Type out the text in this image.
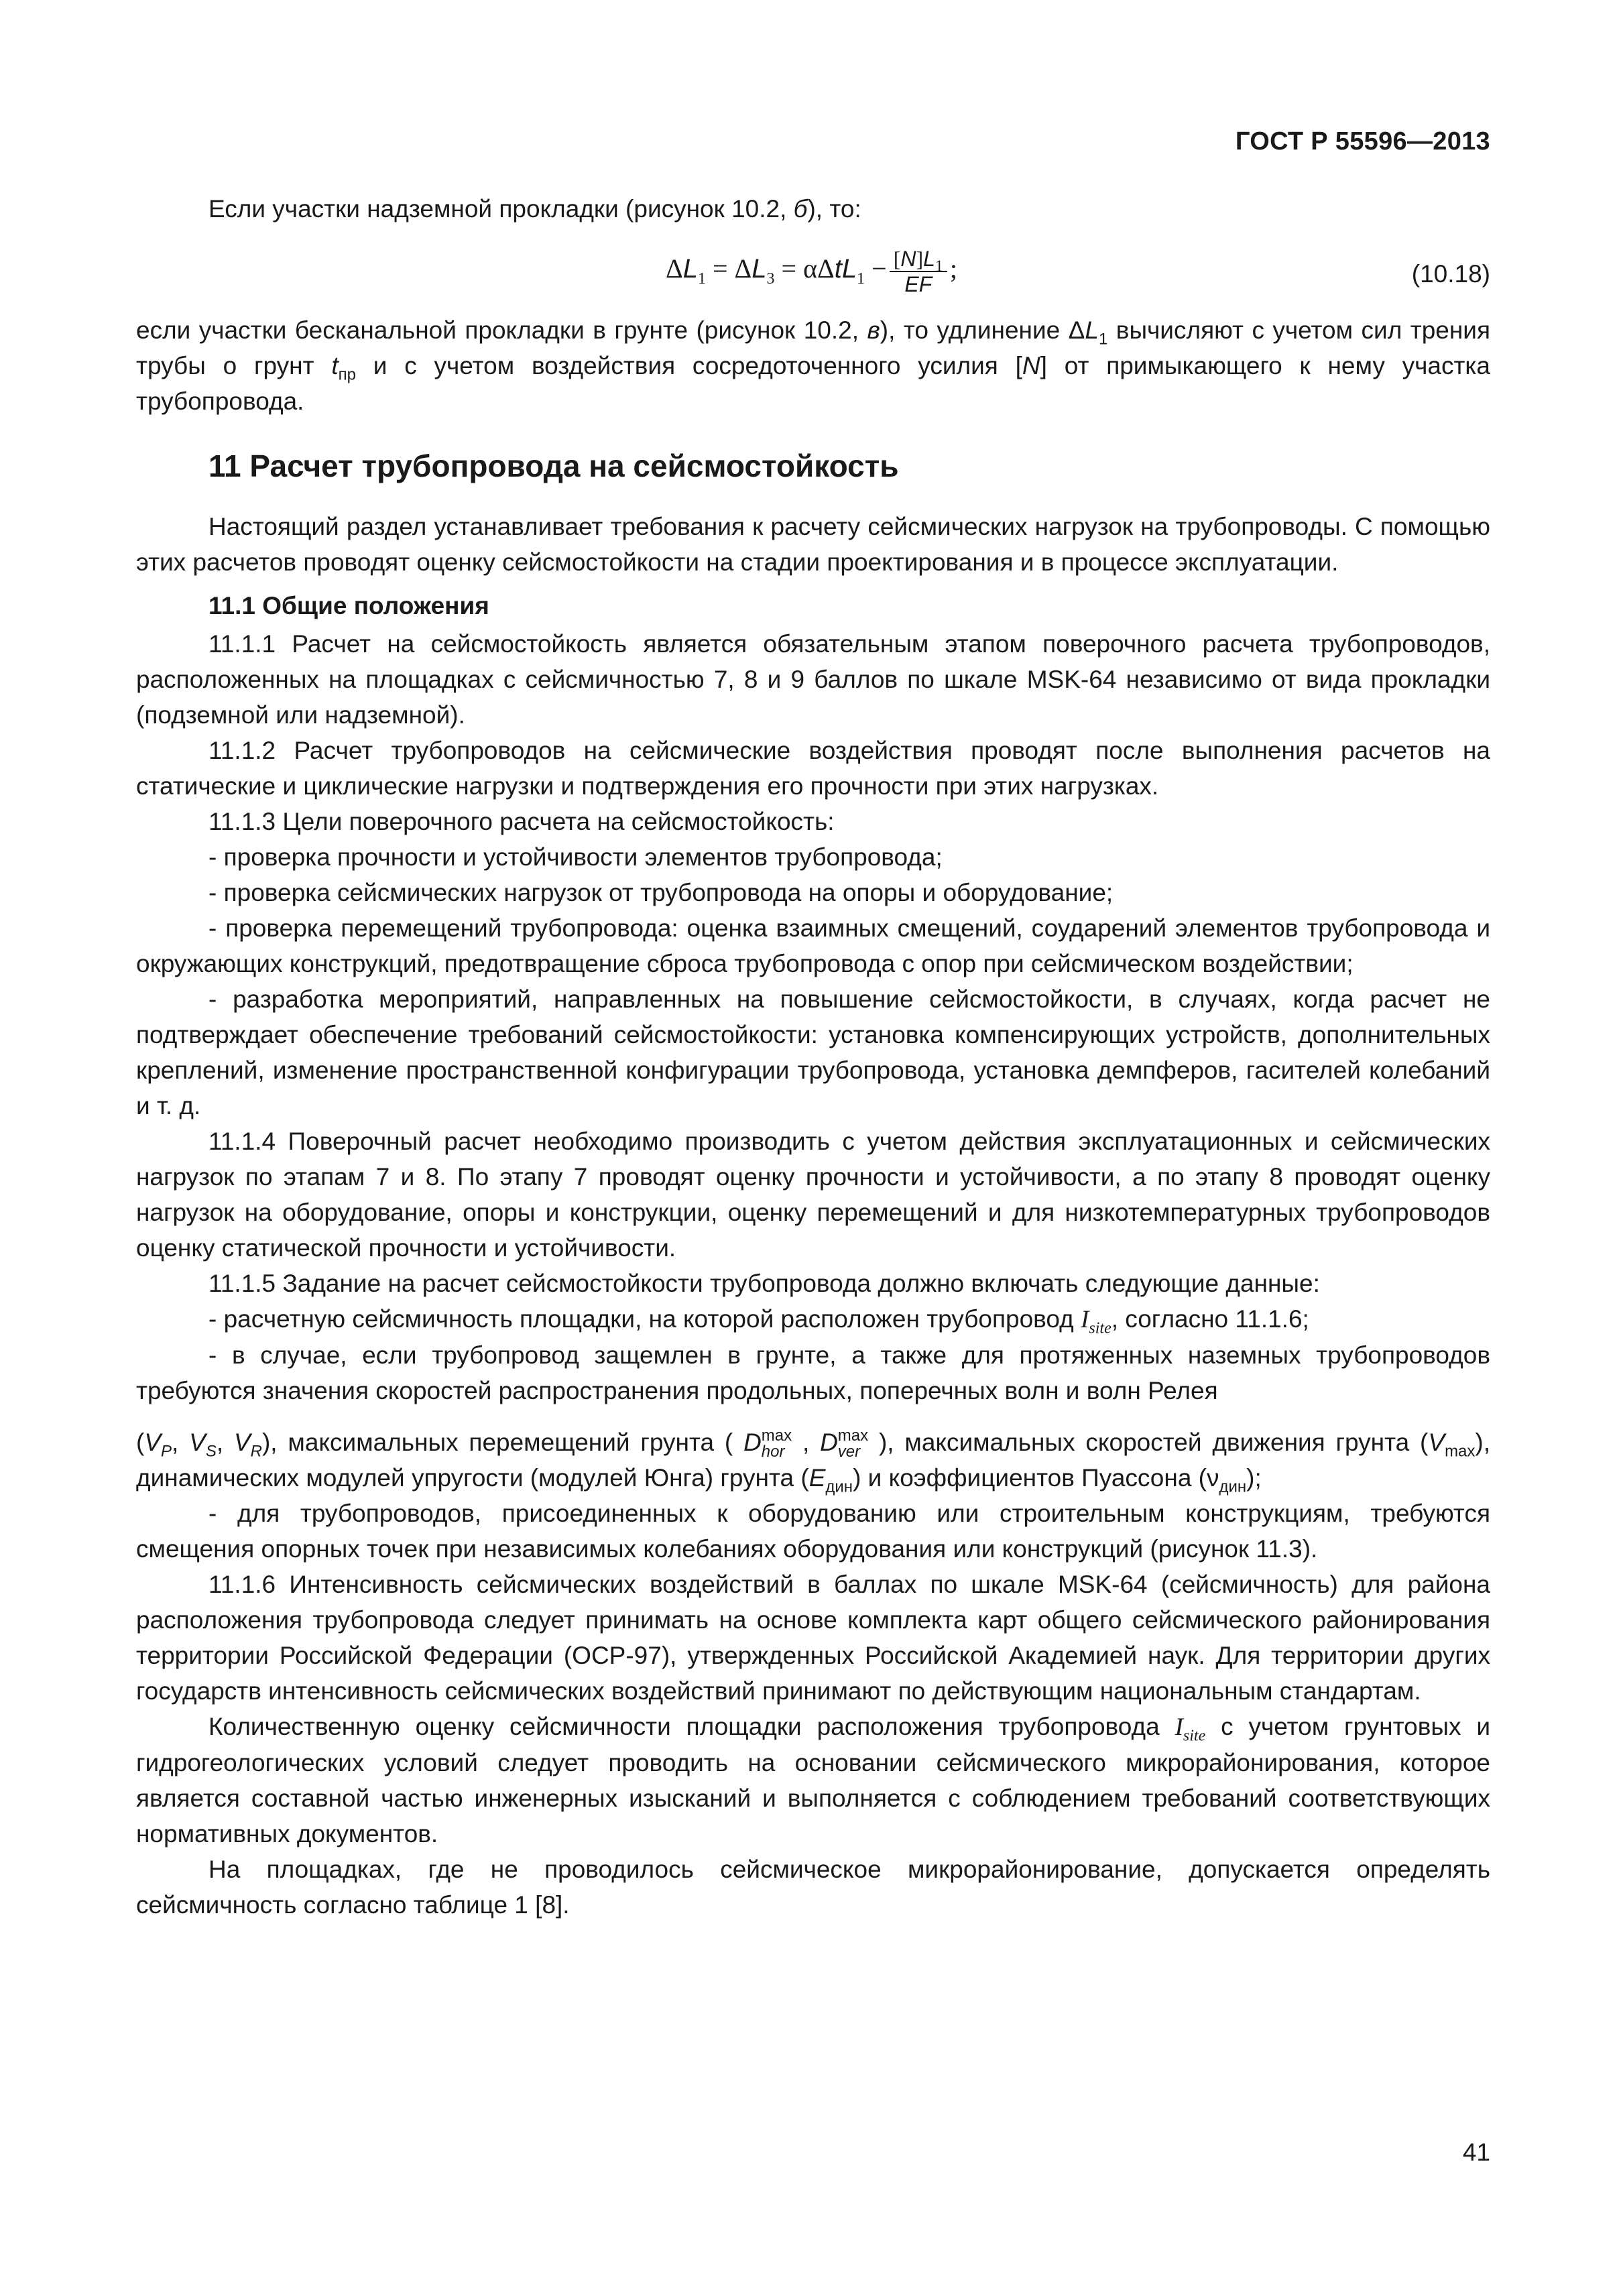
ГОСТ Р 55596—2013

Если участки надземной прокладки (рисунок 10.2, б), то:

$\Delta L_1 = \Delta L_3 = \alpha\Delta tL_1 - \frac{[N]L_1}{EF}$ ;	(10.18)

если участки бесканальной прокладки в грунте (рисунок 10.2, в), то удлинение $\Delta L_1$ вычисляют с учетом сил трения трубы о грунт $t_{пр}$ и с учетом воздействия сосредоточенного усилия [N] от примыкающего к нему участка трубопровода.

11 Расчет трубопровода на сейсмостойкость

Настоящий раздел устанавливает требования к расчету сейсмических нагрузок на трубопроводы. С помощью этих расчетов проводят оценку сейсмостойкости на стадии проектирования и в процессе эксплуатации.

11.1 Общие положения

11.1.1 Расчет на сейсмостойкость является обязательным этапом поверочного расчета трубопроводов, расположенных на площадках с сейсмичностью 7, 8 и 9 баллов по шкале MSK-64 независимо от вида прокладки (подземной или надземной).

11.1.2 Расчет трубопроводов на сейсмические воздействия проводят после выполнения расчетов на статические и циклические нагрузки и подтверждения его прочности при этих нагрузках.

11.1.3 Цели поверочного расчета на сейсмостойкость:

- проверка прочности и устойчивости элементов трубопровода;

- проверка сейсмических нагрузок от трубопровода на опоры и оборудование;

- проверка перемещений трубопровода: оценка взаимных смещений, соударений элементов трубопровода и окружающих конструкций, предотвращение сброса трубопровода с опор при сейсмическом воздействии;

- разработка мероприятий, направленных на повышение сейсмостойкости, в случаях, когда расчет не подтверждает обеспечение требований сейсмостойкости: установка компенсирующих устройств, дополнительных креплений, изменение пространственной конфигурации трубопровода, установка демпферов, гасителей колебаний и т. д.

11.1.4 Поверочный расчет необходимо производить с учетом действия эксплуатационных и сейсмических нагрузок по этапам 7 и 8. По этапу 7 проводят оценку прочности и устойчивости, а по этапу 8 проводят оценку нагрузок на оборудование, опоры и конструкции, оценку перемещений и для низкотемпературных трубопроводов оценку статической прочности и устойчивости.

11.1.5 Задание на расчет сейсмостойкости трубопровода должно включать следующие данные:

- расчетную сейсмичность площадки, на которой расположен трубопровод $I_{site}$, согласно 11.1.6;

- в случае, если трубопровод защемлен в грунте, а также для протяженных наземных трубопроводов требуются значения скоростей распространения продольных, поперечных волн и волн Релея

($V_P$, $V_S$, $V_R$), максимальных перемещений грунта ( D max
hor , D max
ver ), максимальных скоростей движения грунта $(V_{max})$, динамических модулей упругости (модулей Юнга) грунта $(E_{дин})$ и коэффициентов Пуассона $(\nu_{дин})$;

- для трубопроводов, присоединенных к оборудованию или строительным конструкциям, требуются смещения опорных точек при независимых колебаниях оборудования или конструкций (рисунок 11.3).

11.1.6 Интенсивность сейсмических воздействий в баллах по шкале MSK-64 (сейсмичность) для района расположения трубопровода следует принимать на основе комплекта карт общего сейсмического районирования территории Российской Федерации (ОСР-97), утвержденных Российской Академией наук. Для территории других государств интенсивность сейсмических воздействий принимают по действующим национальным стандартам.

Количественную оценку сейсмичности площадки расположения трубопровода $I_{site}$ с учетом грунтовых и гидрогеологических условий следует проводить на основании сейсмического микрорайонирования, которое является составной частью инженерных изысканий и выполняется с соблюдением требований соответствующих нормативных документов.

На площадках, где не проводилось сейсмическое микрорайонирование, допускается определять сейсмичность согласно таблице 1 [8].

41
